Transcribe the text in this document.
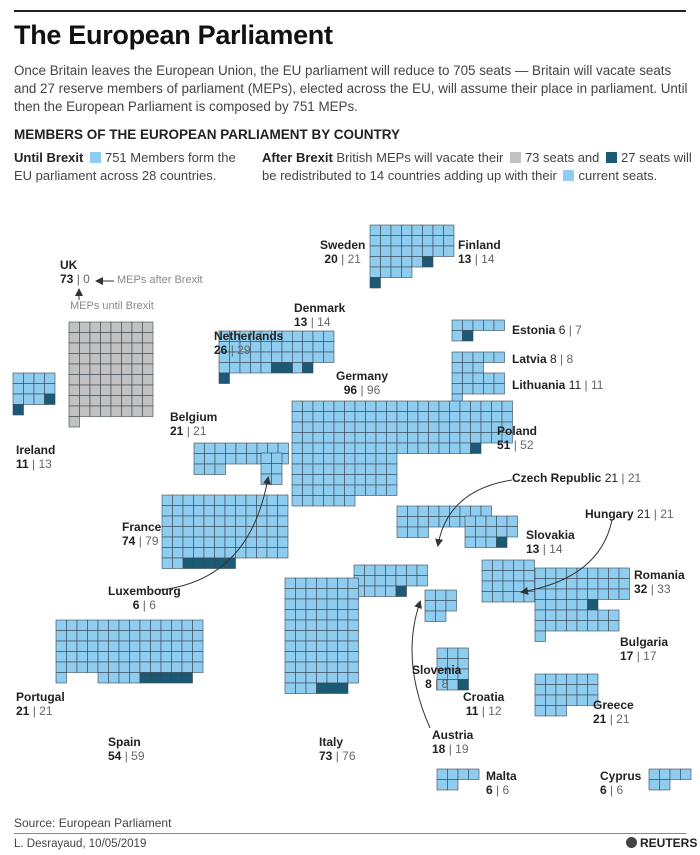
The European Parliament
Once Britain leaves the European Union, the EU parliament will reduce to 705 seats — Britain will vacate seats and 27 reserve members of parliament (MEPs), elected across the EU, will assume their place in parliament. Until then the European Parliament is composed by 751 MEPs.
MEMBERS OF THE EUROPEAN PARLIAMENT BY COUNTRY
Until Brexit 751 Members form the
EU parliament across 28 countries.
After Brexit British MEPs will vacate their 73 seats and 27 seats will
be redistributed to 14 countries adding up with their current seats.
MEPs after Brexit
MEPs until Brexit
UK
73 | 0
Ireland
11 | 13
Sweden
20 | 21
Finland
13 | 14
Denmark
13 | 14
Estonia 6 | 7
Latvia 8 | 8
Lithuania 11 | 11
Netherlands
26 | 29
Germany
96 | 96
Poland
51 | 52
Belgium
21 | 21
Czech Republic 21 | 21
France
74 | 79	Slovakia
13 | 14
Hungary 21 | 21
Luxembourg
6 | 6
Romania
32 | 33
Bulgaria
17 | 17
Slovenia
8 | 8
Portugal
21 | 21
Croatia
11 | 12	Greece
21 | 21
Austria
18 | 19
Spain
54 | 59
Italy
73 | 76
Malta
6 | 6
Cyprus
6 | 6
Source: European Parliament
L. Desrayaud, 10/05/2019	REUTERS
